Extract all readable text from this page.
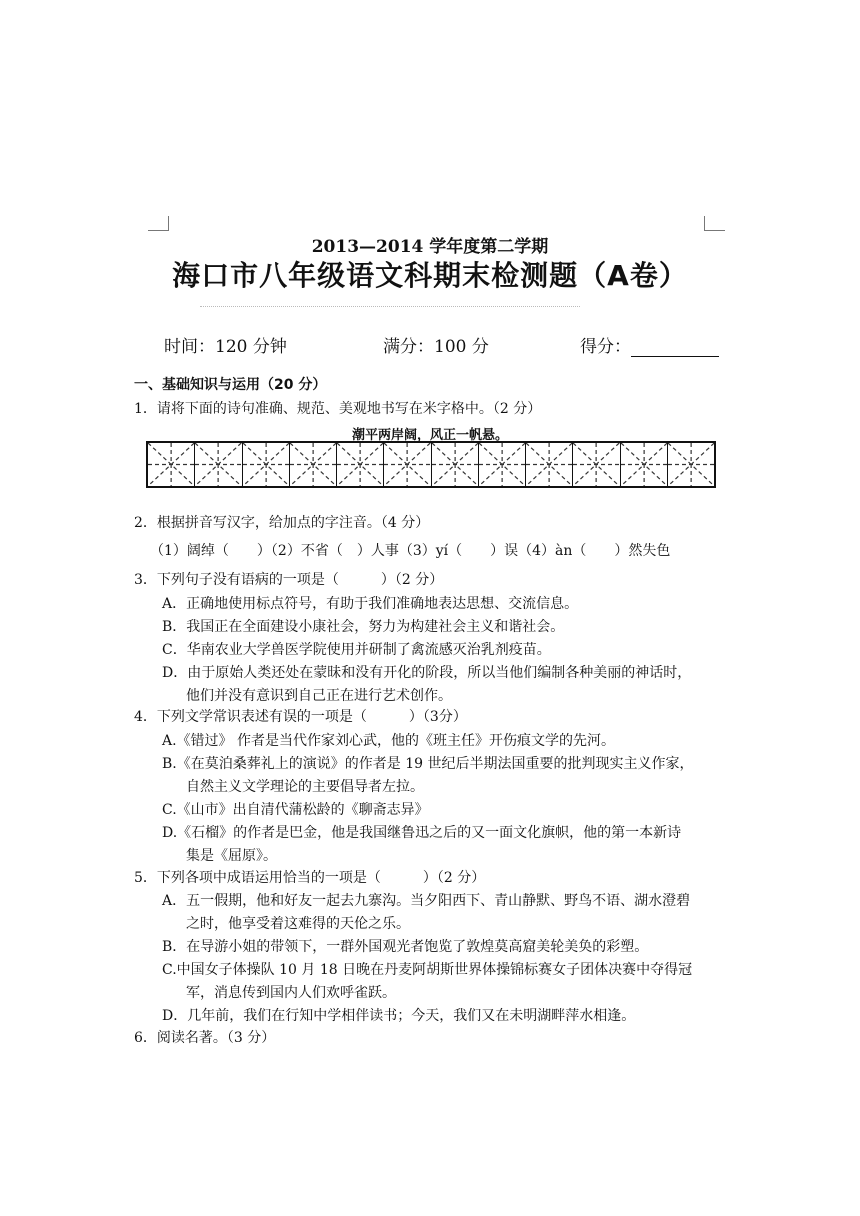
2013—2014 学年度第二学期
海口市八年级语文科期末检测题（A卷）
时间：120 分钟	满分：100 分	得分：
一、基础知识与运用（20 分）
1．请将下面的诗句准确、规范、美观地书写在米字格中。（2 分）
潮平两岸阔，风正一帆悬。
2．根据拼音写汉字，给加点的字注音。（4 分）
（1）阔绰（　　）（2）不省（　）人事（3）yí（　　）误（4）àn（　　）然失色
3．下列句子没有语病的一项是（　　　）（2 分）
A．正确地使用标点符号，有助于我们准确地表达思想、交流信息。
B．我国正在全面建设小康社会，努力为构建社会主义和谐社会。
C．华南农业大学兽医学院使用并研制了禽流感灭治乳剂疫苗。
D．由于原始人类还处在蒙昧和没有开化的阶段，所以当他们编制各种美丽的神话时，
他们并没有意识到自己正在进行艺术创作。
4．下列文学常识表述有误的一项是（　　　）（3分）
A.《错过》 作者是当代作家刘心武，他的《班主任》开伤痕文学的先河。
B.《在莫泊桑葬礼上的演说》的作者是 19 世纪后半期法国重要的批判现实主义作家，
自然主义文学理论的主要倡导者左拉。
C.《山市》出自清代蒲松龄的《聊斋志异》
D.《石榴》的作者是巴金，他是我国继鲁迅之后的又一面文化旗帜，他的第一本新诗
集是《屈原》。
5．下列各项中成语运用恰当的一项是（　　　）（2 分）
A．五一假期，他和好友一起去九寨沟。当夕阳西下、青山静默、野鸟不语、湖水澄碧
之时，他享受着这难得的天伦之乐。
B．在导游小姐的带领下，一群外国观光者饱览了敦煌莫高窟美轮美奂的彩塑。
C.中国女子体操队 10 月 18 日晚在丹麦阿胡斯世界体操锦标赛女子团体决赛中夺得冠
军，消息传到国内人们欢呼雀跃。
D．几年前，我们在行知中学相伴读书；今天，我们又在未明湖畔萍水相逢。
6．阅读名著。（3 分）
